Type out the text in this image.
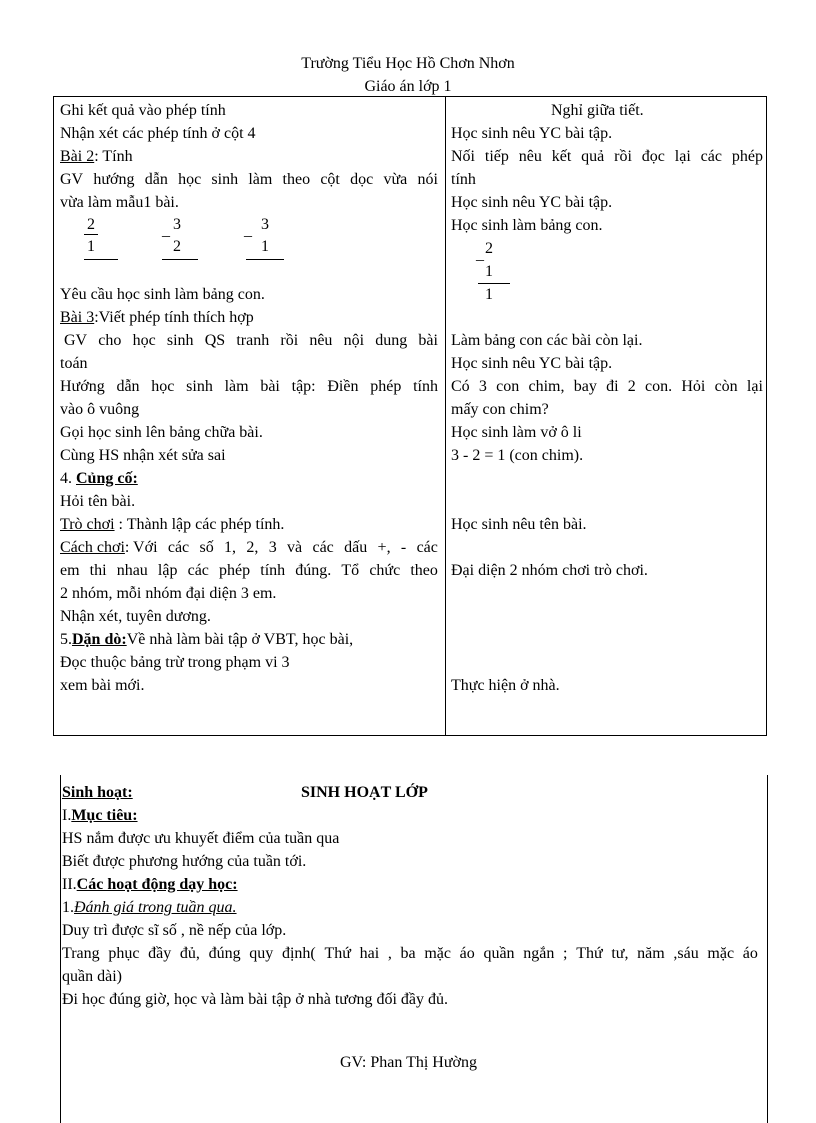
Trường Tiểu Học Hồ Chơn Nhơn
Giáo án lớp 1
Ghi kết quả vào phép tính
Nhận xét các phép tính ở cột 4
Bài 2: Tính
GV hướng dẫn học sinh làm theo cột dọc vừa nói
vừa làm mẫu1 bài.
2
1
_ 3
2
_ 3
1
Yêu cầu học sinh làm bảng con.
Bài 3:Viết phép tính thích hợp
GV cho học sinh QS tranh rồi nêu nội dung bài
toán
Hướng dẫn học sinh làm bài tập: Điền phép tính
vào ô vuông
Gọi học sinh lên bảng chữa bài.
Cùng HS nhận xét sửa sai
4. Củng cố:
Hỏi tên bài.
Trò chơi : Thành lập các phép tính.
Cách chơi: Với các số 1, 2, 3 và các dấu +, - các
em thi nhau lập các phép tính đúng. Tổ chức theo
2 nhóm, mỗi nhóm đại diện 3 em.
Nhận xét, tuyên dương.
5.Dặn dò:Về nhà làm bài tập ở VBT, học bài,
Đọc thuộc bảng trừ trong phạm vi 3
xem bài mới.
Nghỉ giữa tiết.
Học sinh nêu YC bài tập.
Nối tiếp nêu kết quả rồi đọc lại các phép
tính
Học sinh nêu YC bài tập.
Học sinh làm bảng con.
_ 2
1
1
Làm bảng con các bài còn lại.
Học sinh nêu YC bài tập.
Có 3 con chim, bay đi 2 con. Hỏi còn lại
mấy con chim?
Học sinh làm vở ô li
3 - 2 = 1 (con chim).
Học sinh nêu tên bài.
Đại diện 2 nhóm chơi trò chơi.
Thực hiện ở nhà.
Sinh hoạt:	SINH HOẠT LỚP
I.Mục tiêu:
HS nắm được ưu khuyết điểm của tuần qua
Biết được phương hướng của tuần tới.
II.Các hoạt động dạy học:
1.Đánh giá trong tuần qua.
Duy trì được sĩ số , nề nếp của lớp.
Trang phục đầy đủ, đúng quy định( Thứ hai , ba mặc áo quần ngắn ; Thứ tư, năm ,sáu mặc áo
quần dài)
Đi học đúng giờ, học và làm bài tập ở nhà tương đối đầy đủ.
GV: Phan Thị Hường
